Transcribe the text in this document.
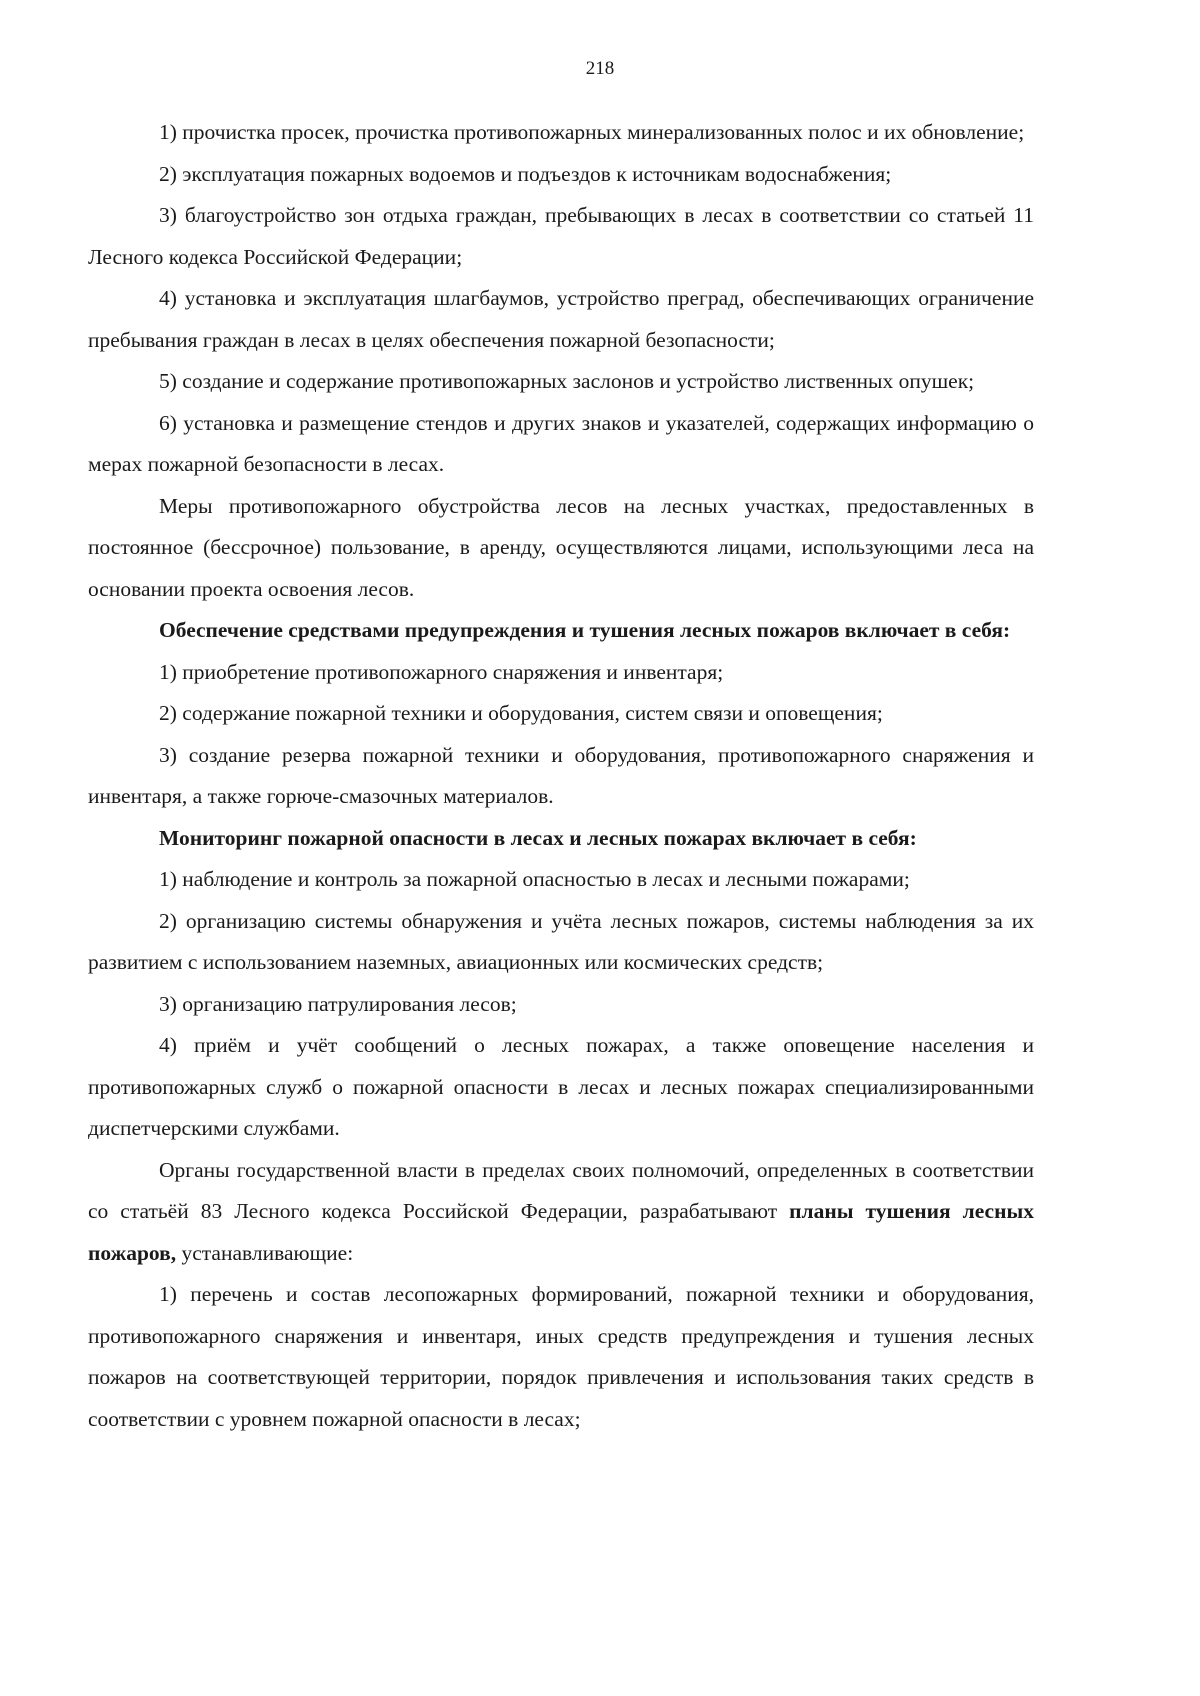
218

1) прочистка просек, прочистка противопожарных минерализованных полос и их обновление;

2) эксплуатация пожарных водоемов и подъездов к источникам водоснабжения;

3) благоустройство зон отдыха граждан, пребывающих в лесах в соответствии со статьей 11 Лесного кодекса Российской Федерации;

4) установка и эксплуатация шлагбаумов, устройство преград, обеспечивающих ограничение пребывания граждан в лесах в целях обеспечения пожарной безопасности;

5) создание и содержание противопожарных заслонов и устройство лиственных опушек;

6) установка и размещение стендов и других знаков и указателей, содержащих информацию о мерах пожарной безопасности в лесах.

Меры противопожарного обустройства лесов на лесных участках, предоставленных в постоянное (бессрочное) пользование, в аренду, осуществляются лицами, использующими леса на основании проекта освоения лесов.

Обеспечение средствами предупреждения и тушения лесных пожаров включает в себя:

1) приобретение противопожарного снаряжения и инвентаря;

2) содержание пожарной техники и оборудования, систем связи и оповещения;

3) создание резерва пожарной техники и оборудования, противопожарного снаряжения и инвентаря, а также горюче-смазочных материалов.

Мониторинг пожарной опасности в лесах и лесных пожарах включает в себя:

1) наблюдение и контроль за пожарной опасностью в лесах и лесными пожарами;

2) организацию системы обнаружения и учёта лесных пожаров, системы наблюдения за их развитием с использованием наземных, авиационных или космических средств;

3) организацию патрулирования лесов;

4) приём и учёт сообщений о лесных пожарах, а также оповещение населения и противопожарных служб о пожарной опасности в лесах и лесных пожарах специализированными диспетчерскими службами.

Органы государственной власти в пределах своих полномочий, определенных в соответствии со статьёй 83 Лесного кодекса Российской Федерации, разрабатывают планы тушения лесных пожаров, устанавливающие:

1) перечень и состав лесопожарных формирований, пожарной техники и оборудования, противопожарного снаряжения и инвентаря, иных средств предупреждения и тушения лесных пожаров на соответствующей территории, порядок привлечения и использования таких средств в соответствии с уровнем пожарной опасности в лесах;
